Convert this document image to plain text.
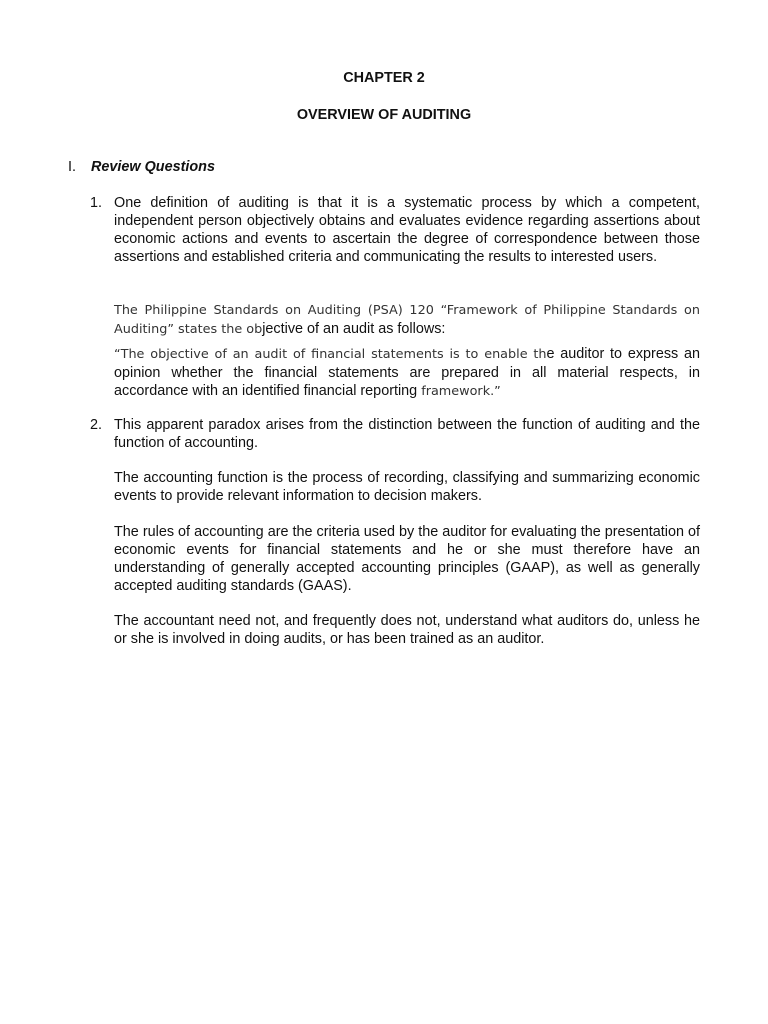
CHAPTER 2
OVERVIEW OF AUDITING
I. Review Questions
1. One definition of auditing is that it is a systematic process by which a competent, independent person objectively obtains and evaluates evidence regarding assertions about economic actions and events to ascertain the degree of correspondence between those assertions and established criteria and communicating the results to interested users.

The Philippine Standards on Auditing (PSA) 120 “Framework of Philippine Standards on Auditing” states the objective of an audit as follows:

“The objective of an audit of financial statements is to enable the auditor to express an opinion whether the financial statements are prepared in all material respects, in accordance with an identified financial reporting framework.”

2. This apparent paradox arises from the distinction between the function of auditing and the function of accounting.

The accounting function is the process of recording, classifying and summarizing economic events to provide relevant information to decision makers.

The rules of accounting are the criteria used by the auditor for evaluating the presentation of economic events for financial statements and he or she must therefore have an understanding of generally accepted accounting principles (GAAP), as well as generally accepted auditing standards (GAAS).

The accountant need not, and frequently does not, understand what auditors do, unless he or she is involved in doing audits, or has been trained as an auditor.
